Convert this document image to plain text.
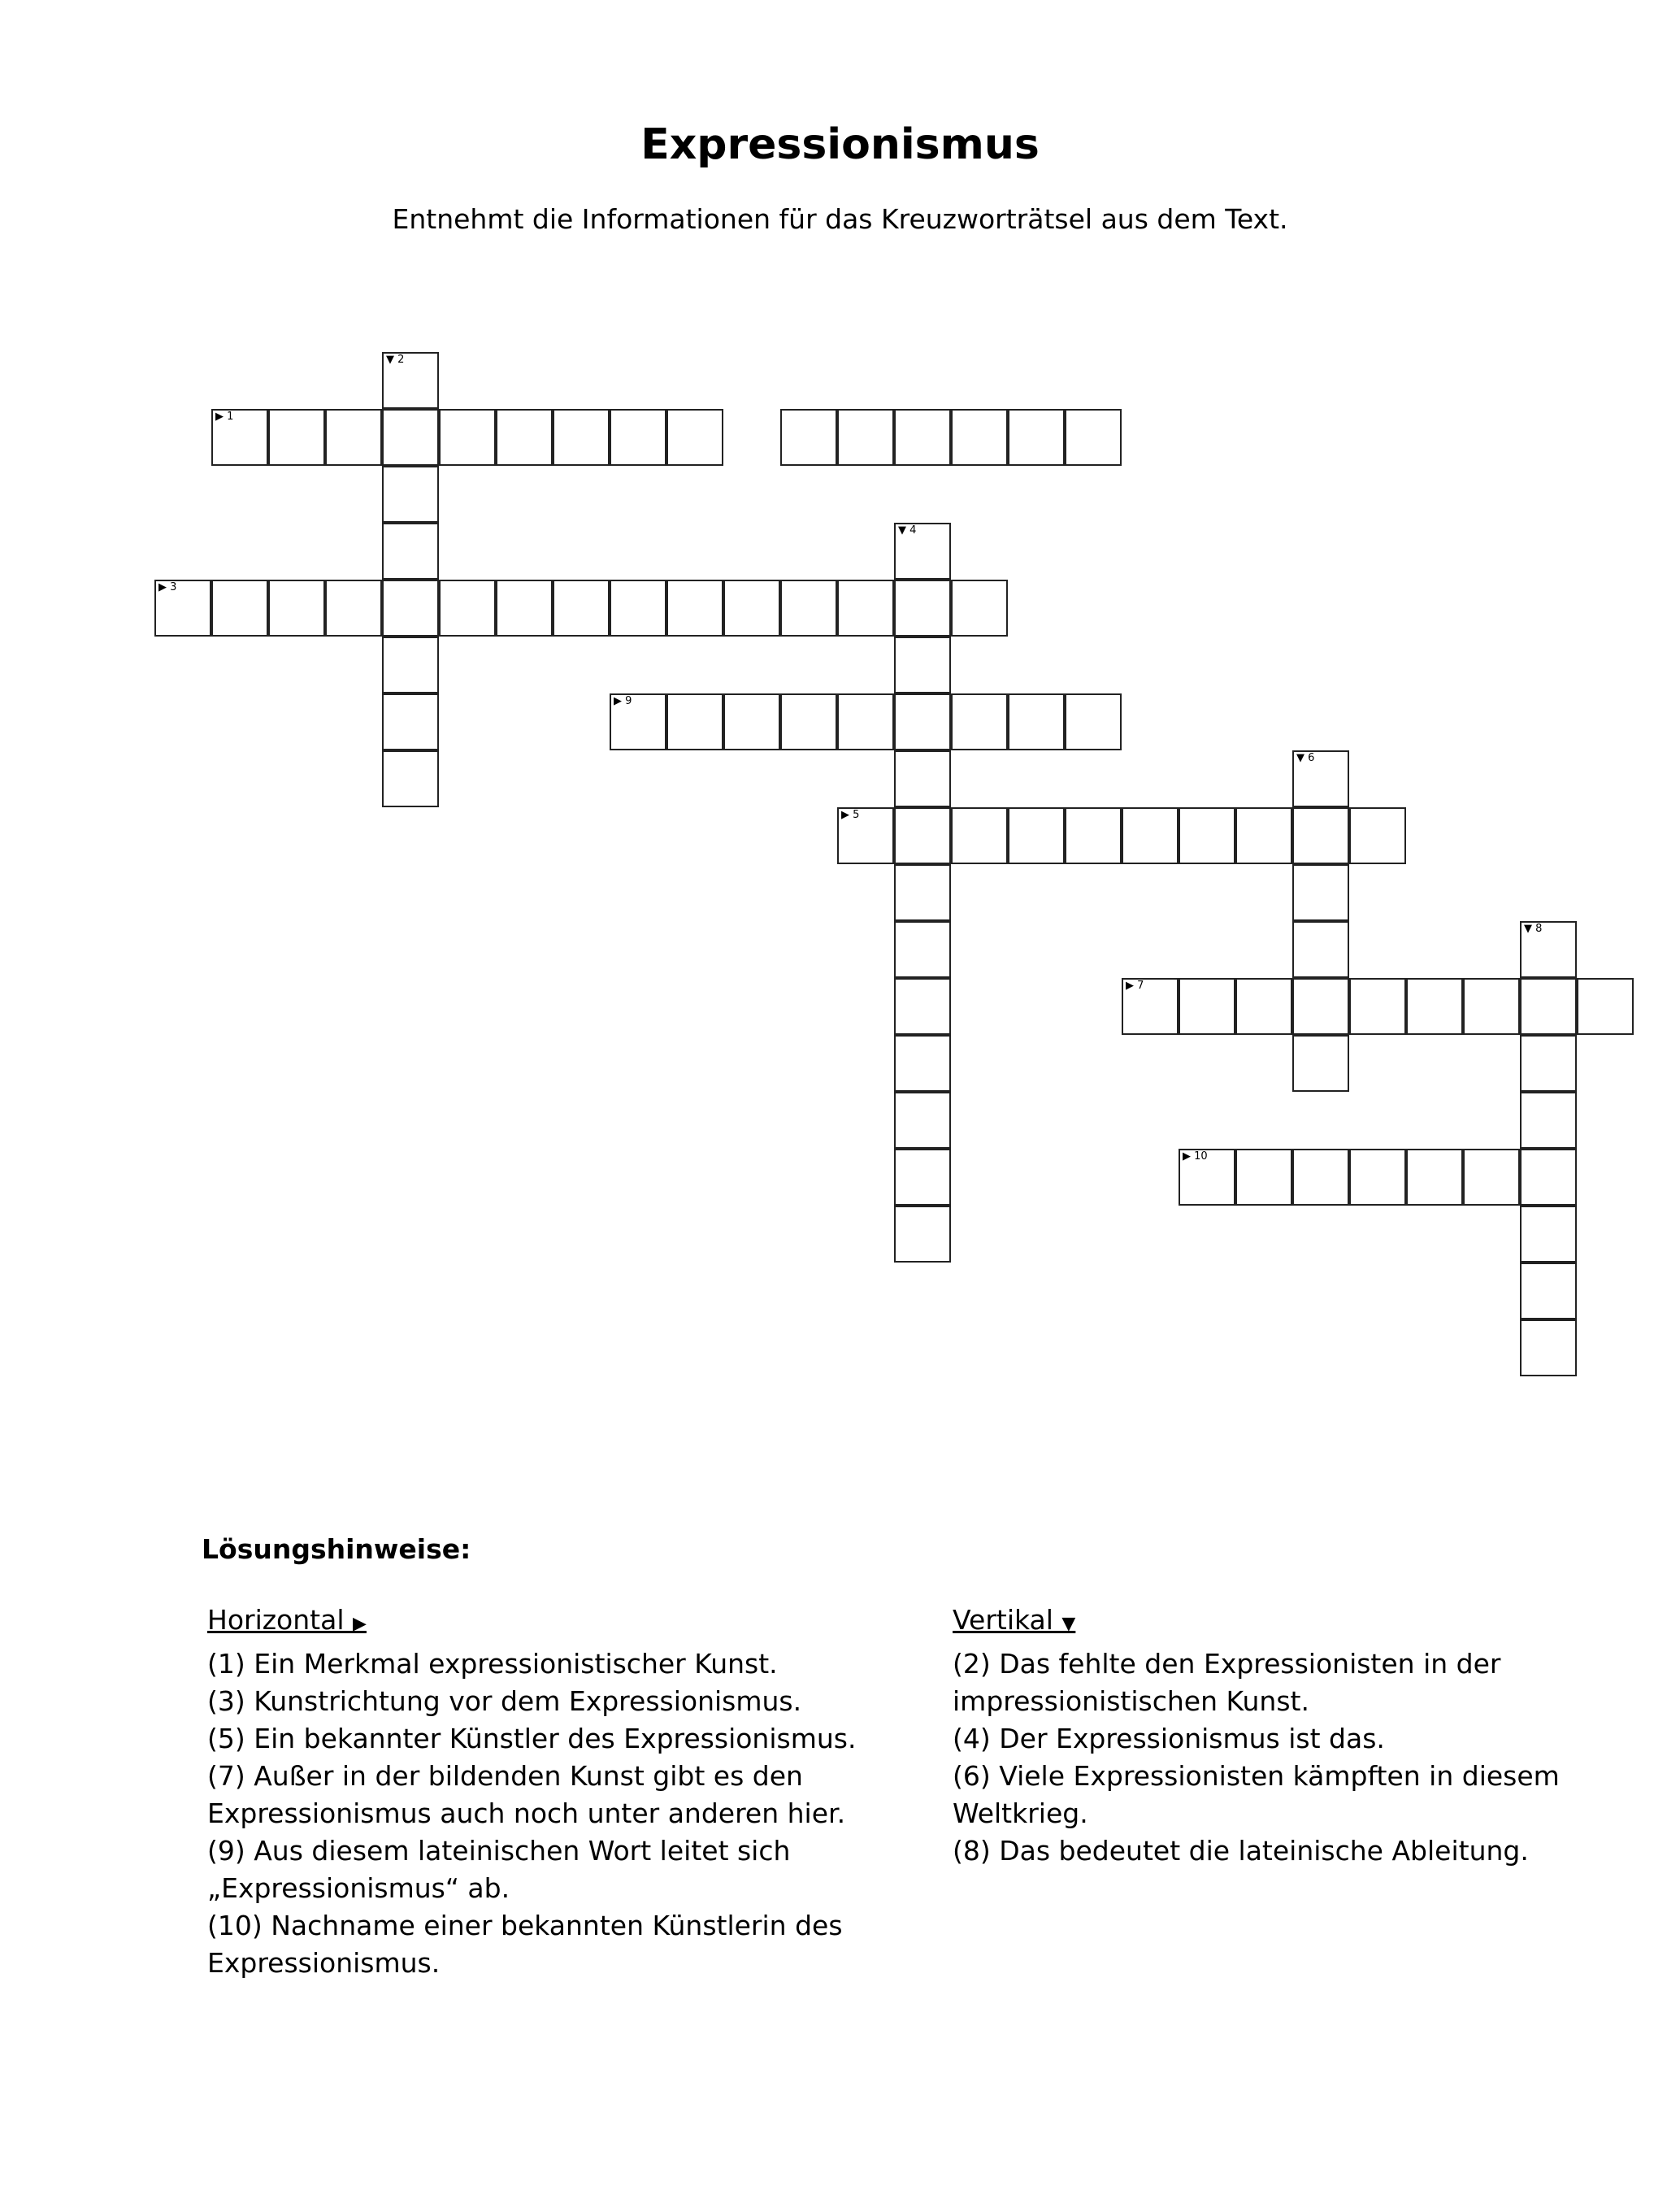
Expressionismus

Entnehmt die Informationen für das Kreuzworträtsel aus dem Text.

▶ 1
▼ 2
▶ 3
▼ 4
▶ 9
▼ 6
▶ 5
▼ 8
▶ 7
▶ 10
Lösungshinweise:
Horizontal ▶

(1) Ein Merkmal expressionistischer Kunst.

(3) Kunstrichtung vor dem Expressionismus.

(5) Ein bekannter Künstler des Expressionismus.

(7) Außer in der bildenden Kunst gibt es den Expressionismus auch noch unter anderen hier.

(9) Aus diesem lateinischen Wort leitet sich „Expressionismus“ ab.

(10) Nachname einer bekannten Künstlerin des Expressionismus.

Vertikal ▼

(2) Das fehlte den Expressionisten in der impressionistischen Kunst.

(4) Der Expressionismus ist das.

(6) Viele Expressionisten kämpften in diesem Weltkrieg.

(8) Das bedeutet die lateinische Ableitung.
